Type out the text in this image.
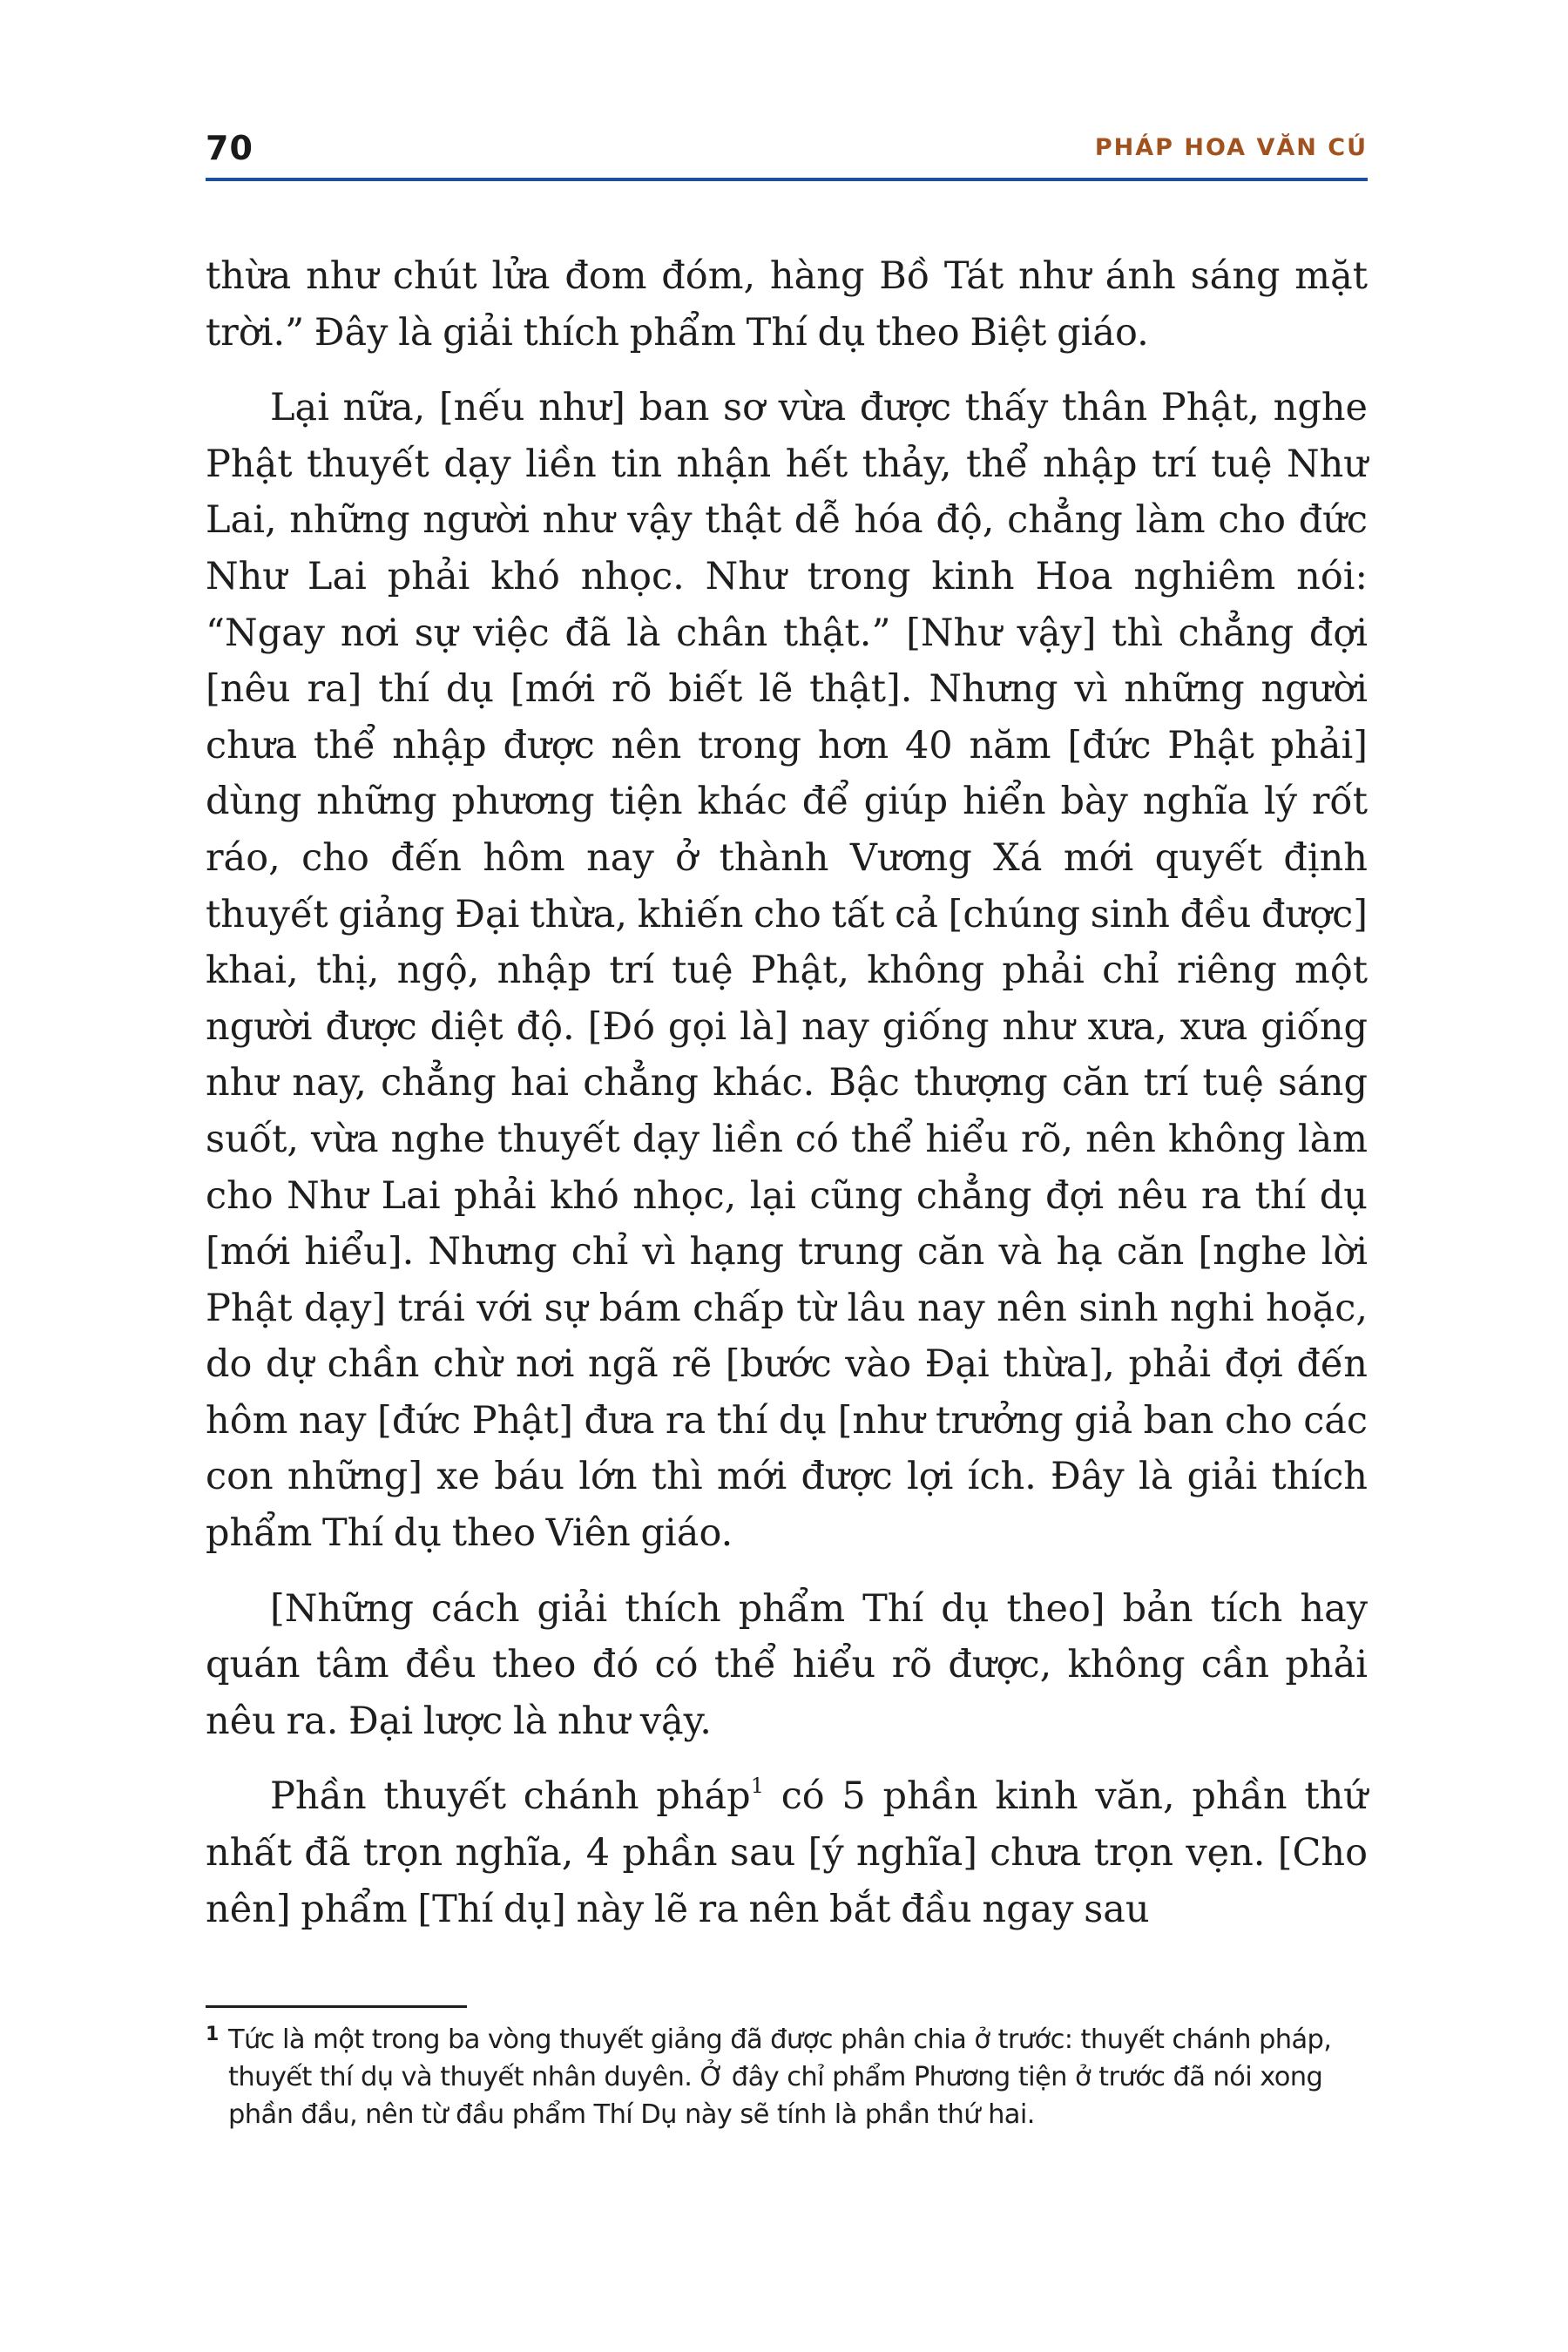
70	PHÁP HOA VĂN CÚ

thừa như chút lửa đom đóm, hàng Bồ Tát như ánh sáng mặt trời.” Đây là giải thích phẩm Thí dụ theo Biệt giáo.

Lại nữa, [nếu như] ban sơ vừa được thấy thân Phật, nghe Phật thuyết dạy liền tin nhận hết thảy, thể nhập trí tuệ Như Lai, những người như vậy thật dễ hóa độ, chẳng làm cho đức Như Lai phải khó nhọc. Như trong kinh Hoa nghiêm nói: “Ngay nơi sự việc đã là chân thật.” [Như vậy] thì chẳng đợi [nêu ra] thí dụ [mới rõ biết lẽ thật]. Nhưng vì những người chưa thể nhập được nên trong hơn 40 năm [đức Phật phải] dùng những phương tiện khác để giúp hiển bày nghĩa lý rốt ráo, cho đến hôm nay ở thành Vương Xá mới quyết định thuyết giảng Đại thừa, khiến cho tất cả [chúng sinh đều được] khai, thị, ngộ, nhập trí tuệ Phật, không phải chỉ riêng một người được diệt độ. [Đó gọi là] nay giống như xưa, xưa giống như nay, chẳng hai chẳng khác. Bậc thượng căn trí tuệ sáng suốt, vừa nghe thuyết dạy liền có thể hiểu rõ, nên không làm cho Như Lai phải khó nhọc, lại cũng chẳng đợi nêu ra thí dụ [mới hiểu]. Nhưng chỉ vì hạng trung căn và hạ căn [nghe lời Phật dạy] trái với sự bám chấp từ lâu nay nên sinh nghi hoặc, do dự chần chừ nơi ngã rẽ [bước vào Đại thừa], phải đợi đến hôm nay [đức Phật] đưa ra thí dụ [như trưởng giả ban cho các con những] xe báu lớn thì mới được lợi ích. Đây là giải thích phẩm Thí dụ theo Viên giáo.

[Những cách giải thích phẩm Thí dụ theo] bản tích hay quán tâm đều theo đó có thể hiểu rõ được, không cần phải nêu ra. Đại lược là như vậy.

Phần thuyết chánh pháp$^1$ có 5 phần kinh văn, phần thứ nhất đã trọn nghĩa, 4 phần sau [ý nghĩa] chưa trọn vẹn. [Cho nên] phẩm [Thí dụ] này lẽ ra nên bắt đầu ngay sau

1 Tức là một trong ba vòng thuyết giảng đã được phân chia ở trước: thuyết chánh pháp, thuyết thí dụ và thuyết nhân duyên. Ở đây chỉ phẩm Phương tiện ở trước đã nói xong phần đầu, nên từ đầu phẩm Thí Dụ này sẽ tính là phần thứ hai.
